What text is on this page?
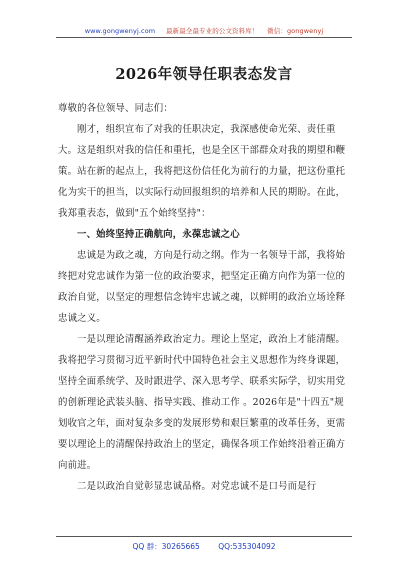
www.gongwenyj.com 最新最全最专业的公文资料库！ 微信：gongwenyj
2026年领导任职表态发言

尊敬的各位领导、同志们：

刚才，组织宣布了对我的任职决定，我深感使命光荣、责任重大。这是组织对我的信任和重托，也是全区干部群众对我的期望和鞭策。站在新的起点上，我将把这份信任化为前行的力量，把这份重托化为实干的担当，以实际行动回报组织的培养和人民的期盼。在此，我郑重表态，做到"五个始终坚持"：

一、始终坚持正确航向，永葆忠诚之心

忠诚是为政之魂，方向是行动之纲。作为一名领导干部，我将始终把对党忠诚作为第一位的政治要求，把坚定正确方向作为第一位的政治自觉，以坚定的理想信念铸牢忠诚之魂，以鲜明的政治立场诠释忠诚之义。

一是以理论清醒涵养政治定力。理论上坚定，政治上才能清醒。我将把学习贯彻习近平新时代中国特色社会主义思想作为终身课题，坚持全面系统学、及时跟进学、深入思考学、联系实际学，切实用党的创新理论武装头脑、指导实践、推动工作 。2026年是"十四五"规划收官之年，面对复杂多变的发展形势和艰巨繁重的改革任务，更需要以理论上的清醒保持政治上的坚定，确保各项工作始终沿着正确方向前进。

二是以政治自觉彰显忠诚品格。对党忠诚不是口号而是行

QQ 群：30265665 QQ:535304092
